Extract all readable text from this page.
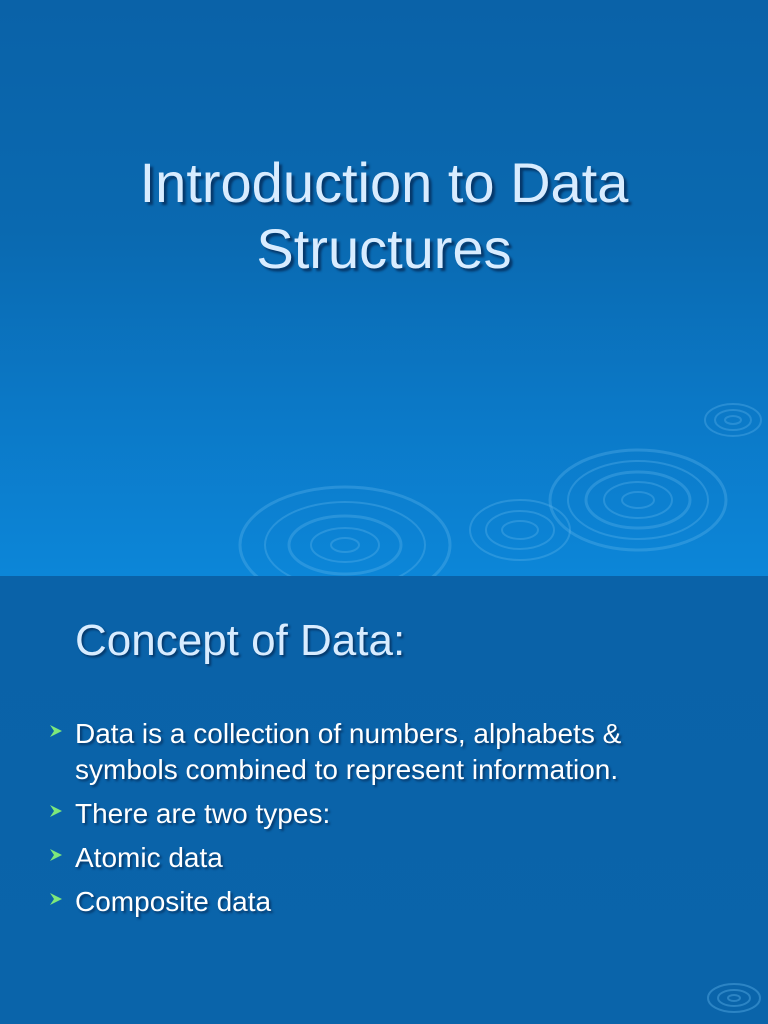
Introduction to Data
Structures
Concept of Data:
Data is a collection of numbers, alphabets &
symbols combined to represent information.
There are two types:
Atomic data
Composite data
